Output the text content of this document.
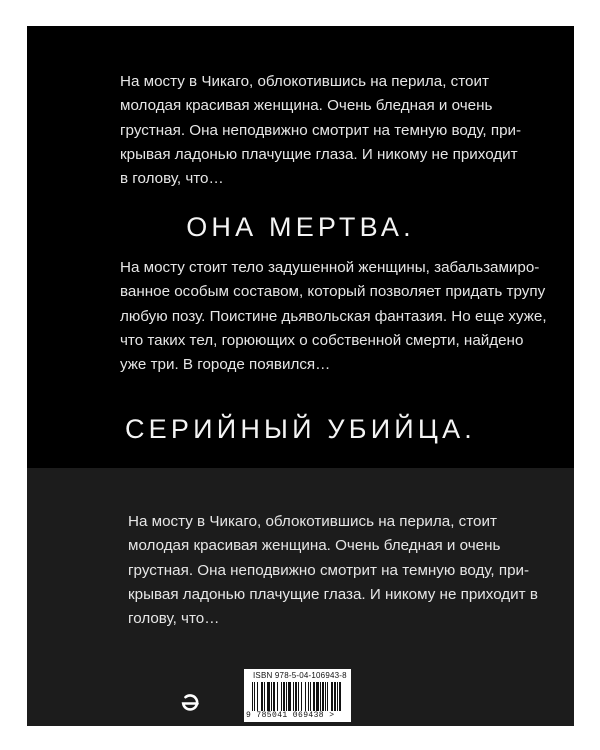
На мосту в Чикаго, облокотившись на перила, стоит
молодая красивая женщина. Очень бледная и очень
грустная. Она неподвижно смотрит на темную воду, при-
крывая ладонью плачущие глаза. И никому не приходит
в голову, что…
ОНА МЕРТВА.
На мосту стоит тело задушенной женщины, забальзамиро-
ванное особым составом, который позволяет придать трупу
любую позу. Поистине дьявольская фантазия. Но еще хуже,
что таких тел, горюющих о собственной смерти, найдено
уже три. В городе появился…
СЕРИЙНЫЙ УБИЙЦА.
На мосту в Чикаго, облокотившись на перила, стоит
молодая красивая женщина. Очень бледная и очень
грустная. Она неподвижно смотрит на темную воду, при-
крывая ладонью плачущие глаза. И никому не приходит в
голову, что…
ISBN 978-5-04-106943-8
9 785041 069438 >
